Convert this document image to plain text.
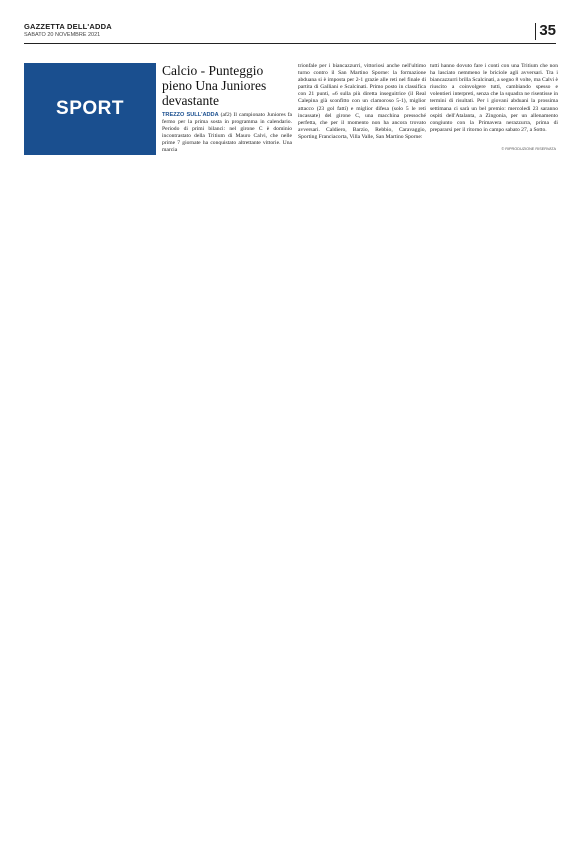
GAZZETTA DELL'ADDA
SABATO 20 NOVEMBRE 2021	35
SPORT
Calcio - Punteggio pieno Una Juniores devastante

TREZZO SULL'ADDA (af2) Il campionato Juniores fa fermo per la prima sosta in programma in calendario. Periodo di primi bilanci: nel girone C è dominio incontrastato della Tritium di Mauro Calvi, che nelle prime 7 giornate ha conquistato altrettante vittorie. Una marcia

trionfale per i biancazzurri, vittoriosi anche nell'ultimo turno contro il San Martino Sporne: la formazione abduana si è imposta per 2-1 grazie alle reti nel finale di partita di Galliani e Scalcinati. Primo posto in classifica con 21 punti, «6 sulla più diretta inseguitrice (il Real Calepina già sconfitto con un clamoroso 5-1), miglior attacco (23 gol fatti) e miglior difesa (solo 5 le reti incassate) del girone C, una macchina pressoché perfetta, che per il momento non ha ancora trovato avversari. Caldiero, Barzio, Rebbio, Caravaggio, Sporting Franciacorta, Villa Valle, San Martino Sporne:

tutti hanno dovuto fare i conti con una Tritium che non ha lasciato nemmeno le briciole agli avversari. Tra i biancazzurri brilla Scalcinati, a segno 8 volte, ma Calvi è riuscito a coinvolgere tutti, cambiando spesso e volentieri interpreti, senza che la squadra ne risentisse in termini di risultati. Per i giovani abduani la prossima settimana ci sarà un bel premio: mercoledì 23 saranno ospiti dell'Atalanta, a Zingonia, per un allenamento congiunto con la Primavera nerazzurra, prima di prepararsi per il ritorno in campo sabato 27, a Sotto.

© RIPRODUZIONE RISERVATA
